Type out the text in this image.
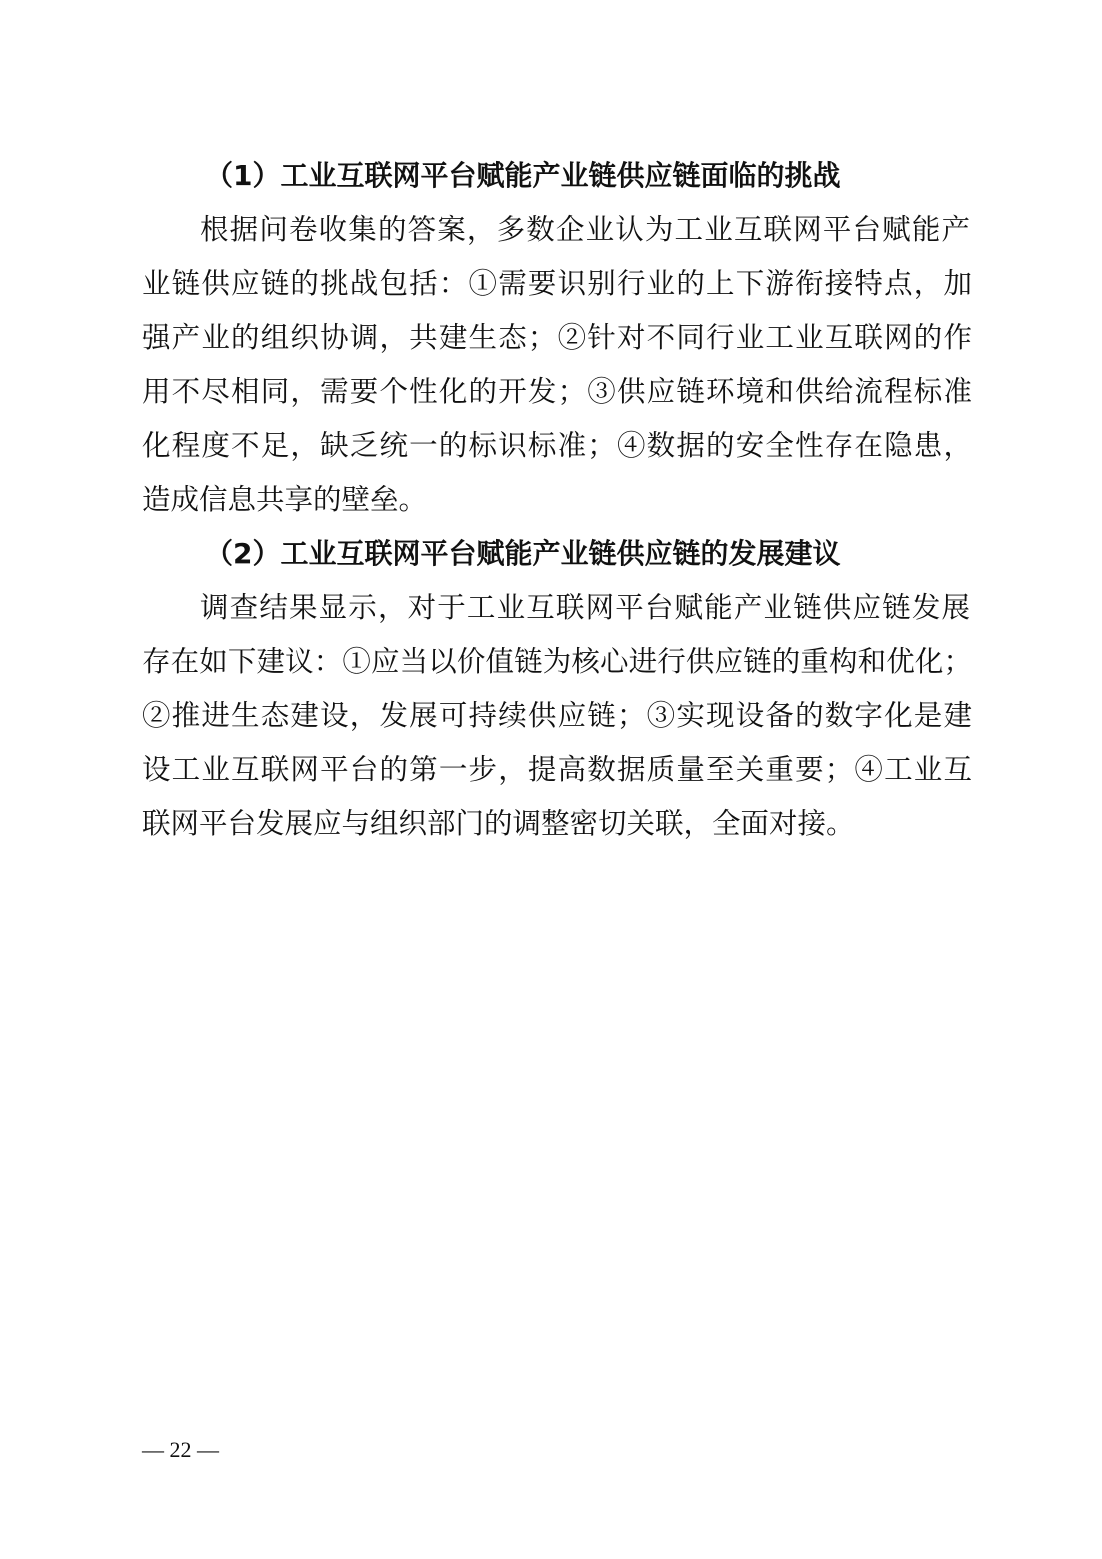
（1）工业互联网平台赋能产业链供应链面临的挑战
根据问卷收集的答案，多数企业认为工业互联网平台赋能产
业链供应链的挑战包括：①需要识别行业的上下游衔接特点，加
强产业的组织协调，共建生态；②针对不同行业工业互联网的作
用不尽相同，需要个性化的开发；③供应链环境和供给流程标准
化程度不足，缺乏统一的标识标准；④数据的安全性存在隐患，
造成信息共享的壁垒。
（2）工业互联网平台赋能产业链供应链的发展建议
调查结果显示，对于工业互联网平台赋能产业链供应链发展
存在如下建议：①应当以价值链为核心进行供应链的重构和优化；
②推进生态建设，发展可持续供应链；③实现设备的数字化是建
设工业互联网平台的第一步，提高数据质量至关重要；④工业互
联网平台发展应与组织部门的调整密切关联，全面对接。
— 22 —
